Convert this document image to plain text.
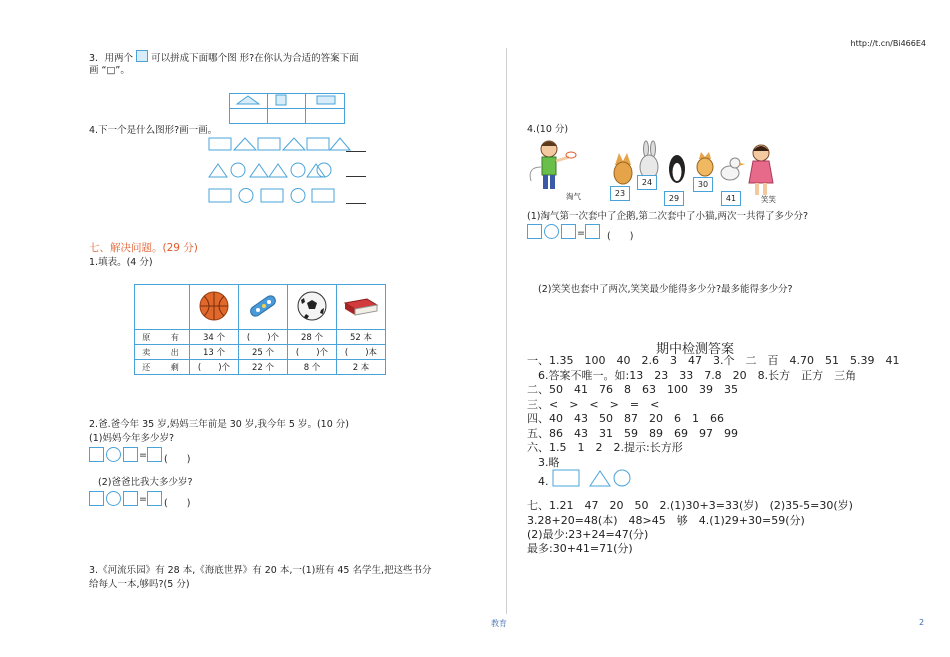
http://t.cn/Bi466E4
3．用两个 可以拼成下面哪个图 形?在你认为合适的答案下面
画 “□”。
4.下一个是什么图形?画一画。
七、解决问题。(29 分)
1.填表。(4 分)

原 有	34 个	(　　)个	28 个	52 本
卖 出	13 个	25 个	(　　)个	(　　)本
还 剩	(　　)个	22 个	8 个	2 本
2.爸.爸今年 35 岁,妈妈三年前是 30 岁,我今年 5 岁。(10 分)
(1)妈妈今年多少岁?
= (　　)
(2)爸爸比我大多少岁?
= (　　)
3.《河流乐园》有 28 本,《海底世界》有 20 本,一(1)班有 45 名学生,把这些书分
给每人一本,够吗?(5 分)
4.(10 分)
淘气	笑笑
23
24
29
30
41
(1)淘气第一次套中了企鹅,第二次套中了小猫,两次一共得了多少分?
= (　　)
(2)笑笑也套中了两次,笑笑最少能得多少分?最多能得多少分?
期中检测答案
一、1.35　100　40　2.6　3　47　3.个　二　百　4.70　51　5.39　41
　6.答案不唯一。如:13　23　33　7.8　20　8.长方　正方　三角
二、50　41　76　8　63　100　39　35
三、<　>　<　>　=　<
四、40　43　50　87　20　6　1　66
五、86　43　31　59　89　69　97　99
六、1.5　1　2　2.提示:长方形
　3.略
　4.
七、1.21　47　20　50　2.(1)30+3=33(岁)　(2)35-5=30(岁)
3.28+20=48(本)　48>45　够　4.(1)29+30=59(分)
(2)最少:23+24=47(分)
最多:30+41=71(分)
教育	2
